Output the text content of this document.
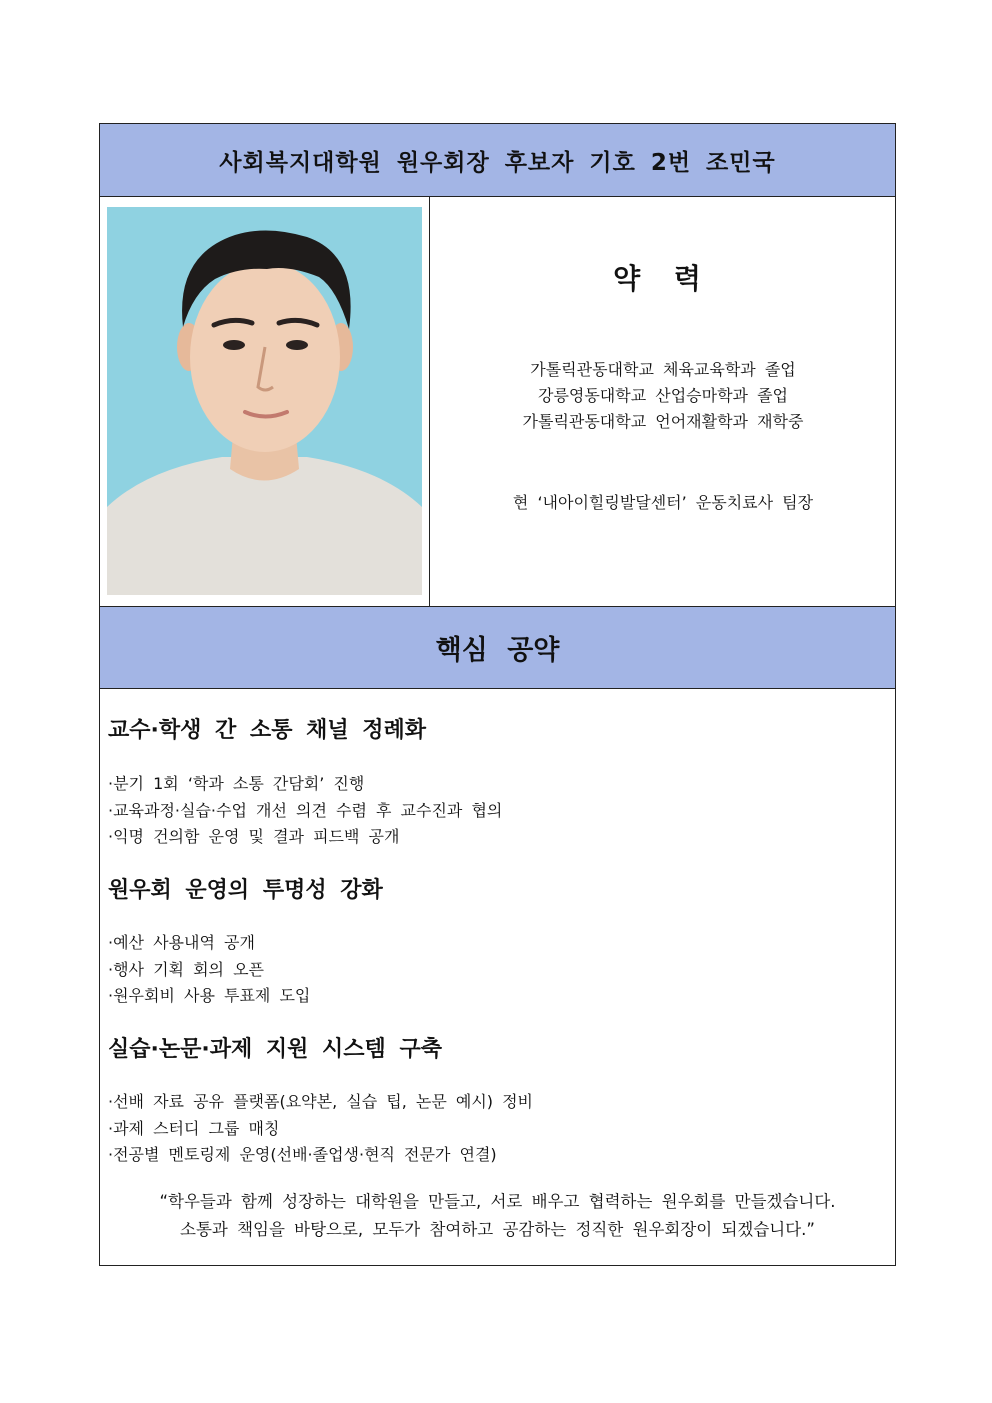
사회복지대학원 원우회장 후보자 기호 2번 조민국
약 력
가톨릭관동대학교 체육교육학과 졸업
강릉영동대학교 산업승마학과 졸업
가톨릭관동대학교 언어재활학과 재학중
현 ‘내아이힐링발달센터’ 운동치료사 팀장
핵심 공약
교수·학생 간 소통 채널 정례화
· 분기 1회 ‘학과 소통 간담회’ 진행
· 교육과정·실습·수업 개선 의견 수렴 후 교수진과 협의
· 익명 건의함 운영 및 결과 피드백 공개
원우회 운영의 투명성 강화
· 예산 사용내역 공개
· 행사 기획 회의 오픈
· 원우회비 사용 투표제 도입
실습·논문·과제 지원 시스템 구축
· 선배 자료 공유 플랫폼(요약본, 실습 팁, 논문 예시) 정비
· 과제 스터디 그룹 매칭
· 전공별 멘토링제 운영(선배·졸업생·현직 전문가 연결)
“학우들과 함께 성장하는 대학원을 만들고, 서로 배우고 협력하는 원우회를 만들겠습니다.
소통과 책임을 바탕으로, 모두가 참여하고 공감하는 정직한 원우회장이 되겠습니다.”
